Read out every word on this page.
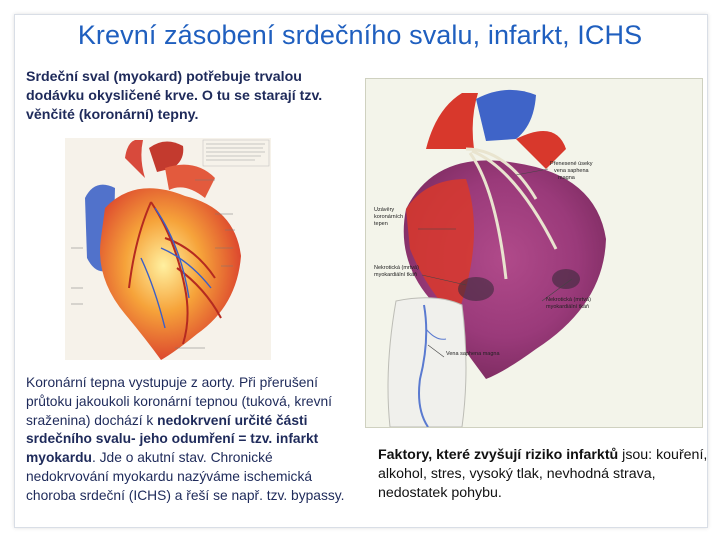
Krevní zásobení srdečního svalu, infarkt, ICHS
Srdeční sval (myokard) potřebuje trvalou dodávku okysličené krve. O tu se starají tzv. věnčité (koronární) tepny.
Přenesené úseky vena saphena magna
Uzávěry koronárních tepen
Nekrotická (mrtvá) myokardiální tkáň
Nekrotická (mrtvá) myokardiální tkáň
Vena saphena magna
Koronární tepna vystupuje z aorty. Při přerušení průtoku jakoukoli koronární tepnou (tuková, krevní sraženina) dochází k nedokrvení určité části srdečního svalu- jeho odumření = tzv. infarkt myokardu. Jde o akutní stav. Chronické nedokrvování myokardu nazýváme ischemická choroba srdeční (ICHS) a řeší se např. tzv. bypassy.
Faktory, které zvyšují riziko infarktů jsou: kouření, alkohol, stres, vysoký tlak, nevhodná strava, nedostatek pohybu.
